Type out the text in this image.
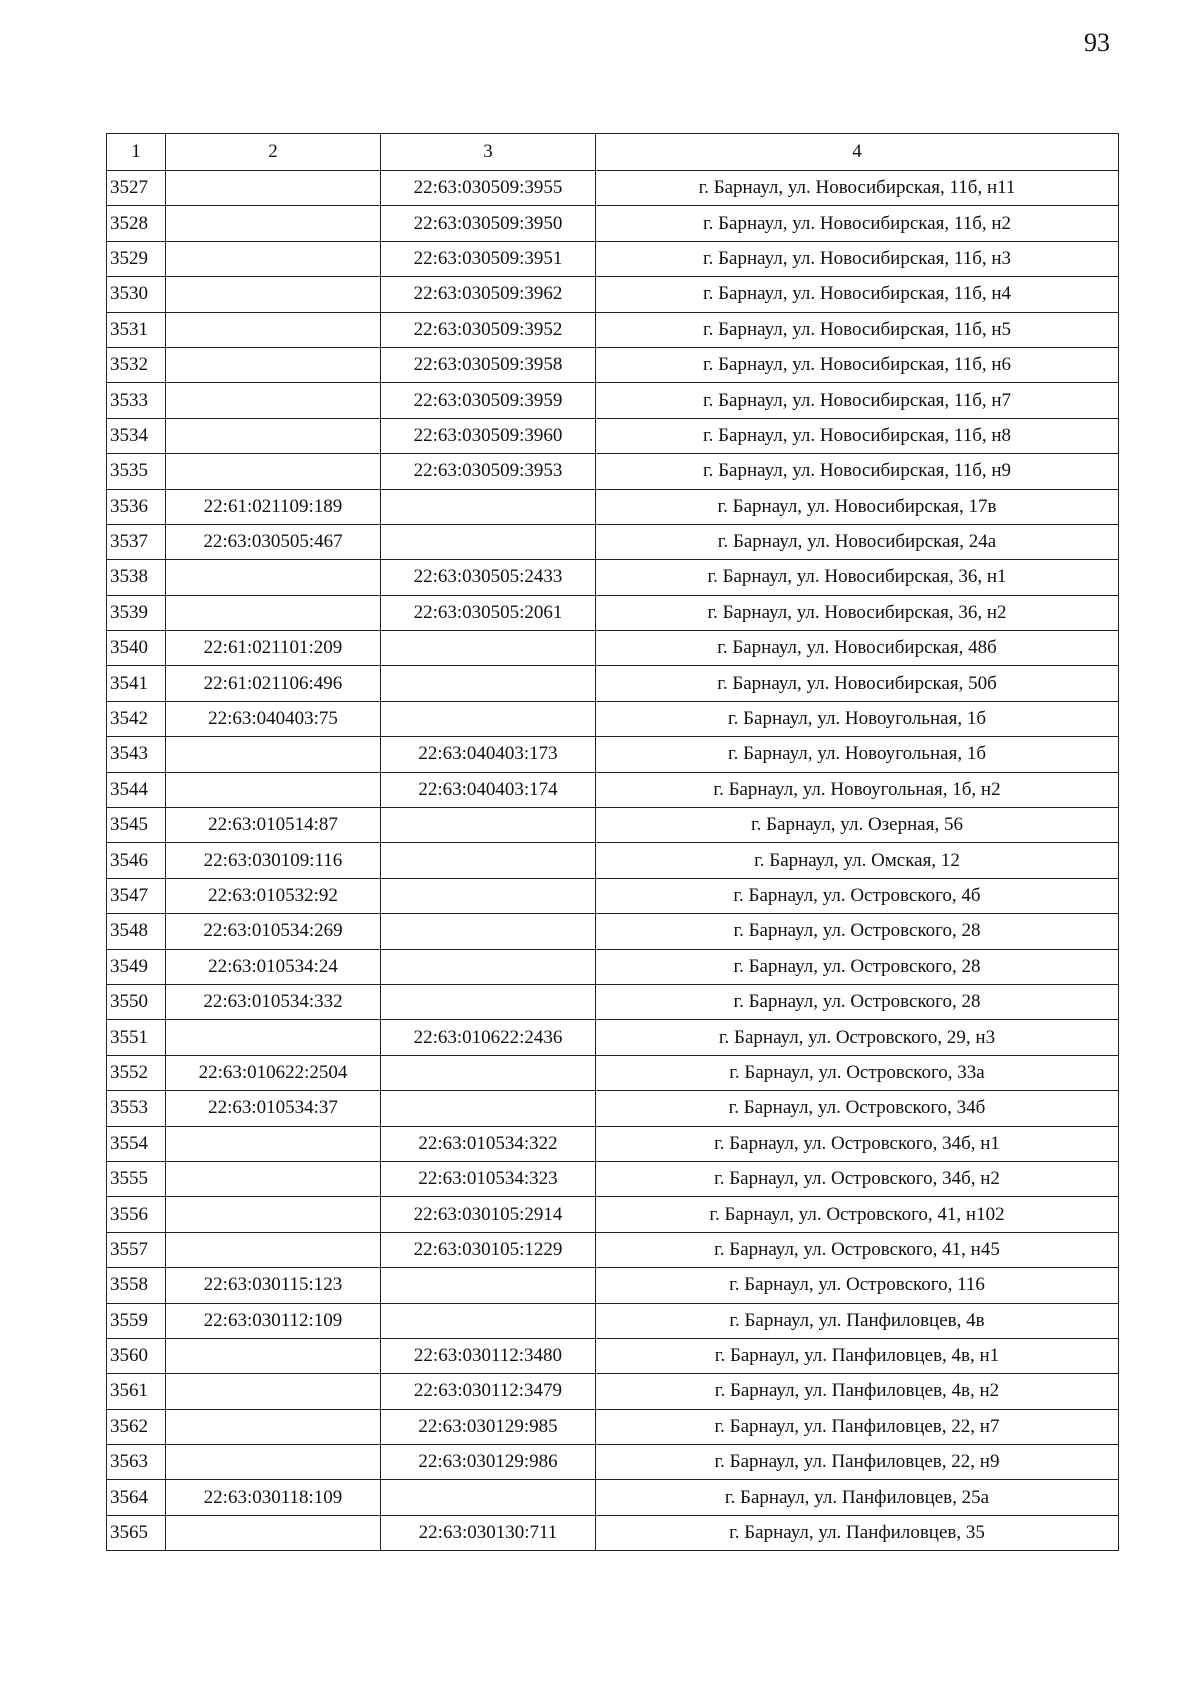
93
1	2	3	4
3527		22:63:030509:3955	г. Барнаул, ул. Новосибирская, 11б, н11
3528		22:63:030509:3950	г. Барнаул, ул. Новосибирская, 11б, н2
3529		22:63:030509:3951	г. Барнаул, ул. Новосибирская, 11б, н3
3530		22:63:030509:3962	г. Барнаул, ул. Новосибирская, 11б, н4
3531		22:63:030509:3952	г. Барнаул, ул. Новосибирская, 11б, н5
3532		22:63:030509:3958	г. Барнаул, ул. Новосибирская, 11б, н6
3533		22:63:030509:3959	г. Барнаул, ул. Новосибирская, 11б, н7
3534		22:63:030509:3960	г. Барнаул, ул. Новосибирская, 11б, н8
3535		22:63:030509:3953	г. Барнаул, ул. Новосибирская, 11б, н9
3536	22:61:021109:189		г. Барнаул, ул. Новосибирская, 17в
3537	22:63:030505:467		г. Барнаул, ул. Новосибирская, 24а
3538		22:63:030505:2433	г. Барнаул, ул. Новосибирская, 36, н1
3539		22:63:030505:2061	г. Барнаул, ул. Новосибирская, 36, н2
3540	22:61:021101:209		г. Барнаул, ул. Новосибирская, 48б
3541	22:61:021106:496		г. Барнаул, ул. Новосибирская, 50б
3542	22:63:040403:75		г. Барнаул, ул. Новоугольная, 1б
3543		22:63:040403:173	г. Барнаул, ул. Новоугольная, 1б
3544		22:63:040403:174	г. Барнаул, ул. Новоугольная, 1б, н2
3545	22:63:010514:87		г. Барнаул, ул. Озерная, 56
3546	22:63:030109:116		г. Барнаул, ул. Омская, 12
3547	22:63:010532:92		г. Барнаул, ул. Островского, 4б
3548	22:63:010534:269		г. Барнаул, ул. Островского, 28
3549	22:63:010534:24		г. Барнаул, ул. Островского, 28
3550	22:63:010534:332		г. Барнаул, ул. Островского, 28
3551		22:63:010622:2436	г. Барнаул, ул. Островского, 29, н3
3552	22:63:010622:2504		г. Барнаул, ул. Островского, 33а
3553	22:63:010534:37		г. Барнаул, ул. Островского, 34б
3554		22:63:010534:322	г. Барнаул, ул. Островского, 34б, н1
3555		22:63:010534:323	г. Барнаул, ул. Островского, 34б, н2
3556		22:63:030105:2914	г. Барнаул, ул. Островского, 41, н102
3557		22:63:030105:1229	г. Барнаул, ул. Островского, 41, н45
3558	22:63:030115:123		г. Барнаул, ул. Островского, 116
3559	22:63:030112:109		г. Барнаул, ул. Панфиловцев, 4в
3560		22:63:030112:3480	г. Барнаул, ул. Панфиловцев, 4в, н1
3561		22:63:030112:3479	г. Барнаул, ул. Панфиловцев, 4в, н2
3562		22:63:030129:985	г. Барнаул, ул. Панфиловцев, 22, н7
3563		22:63:030129:986	г. Барнаул, ул. Панфиловцев, 22, н9
3564	22:63:030118:109		г. Барнаул, ул. Панфиловцев, 25а
3565		22:63:030130:711	г. Барнаул, ул. Панфиловцев, 35
